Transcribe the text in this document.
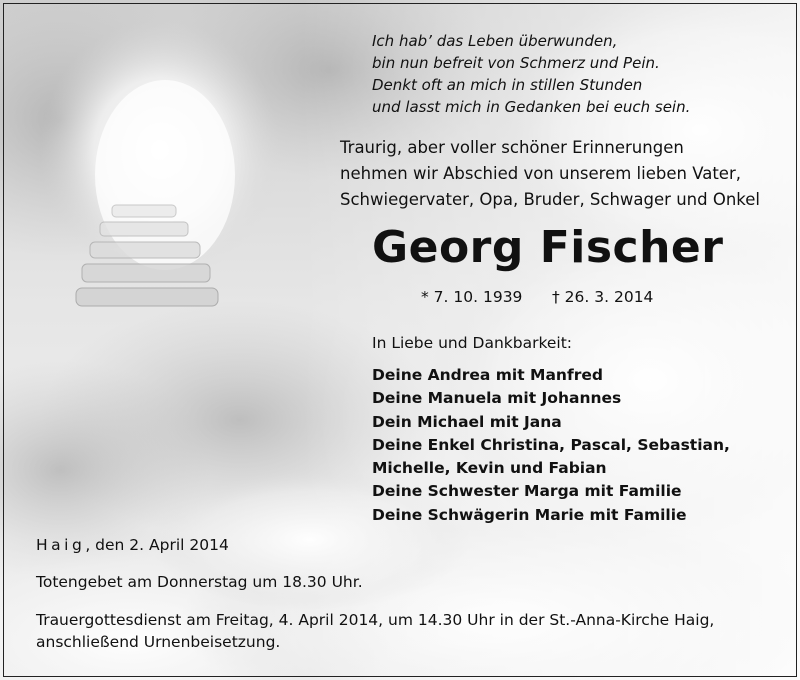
Ich hab’ das Leben überwunden,
bin nun befreit von Schmerz und Pein.
Denkt oft an mich in stillen Stunden
und lasst mich in Gedanken bei euch sein.
Traurig, aber voller schöner Erinnerungen
nehmen wir Abschied von unserem lieben Vater,
Schwiegervater, Opa, Bruder, Schwager und Onkel
Georg Fischer
* 7. 10. 1939 † 26. 3. 2014
In Liebe und Dankbarkeit:
Deine Andrea mit Manfred
Deine Manuela mit Johannes
Dein Michael mit Jana
Deine Enkel Christina, Pascal, Sebastian,
Michelle, Kevin und Fabian
Deine Schwester Marga mit Familie
Deine Schwägerin Marie mit Familie
Haig, den 2. April 2014
Totengebet am Donnerstag um 18.30 Uhr.
Trauergottesdienst am Freitag, 4. April 2014, um 14.30 Uhr in der St.-Anna-Kirche Haig,
anschließend Urnenbeisetzung.
